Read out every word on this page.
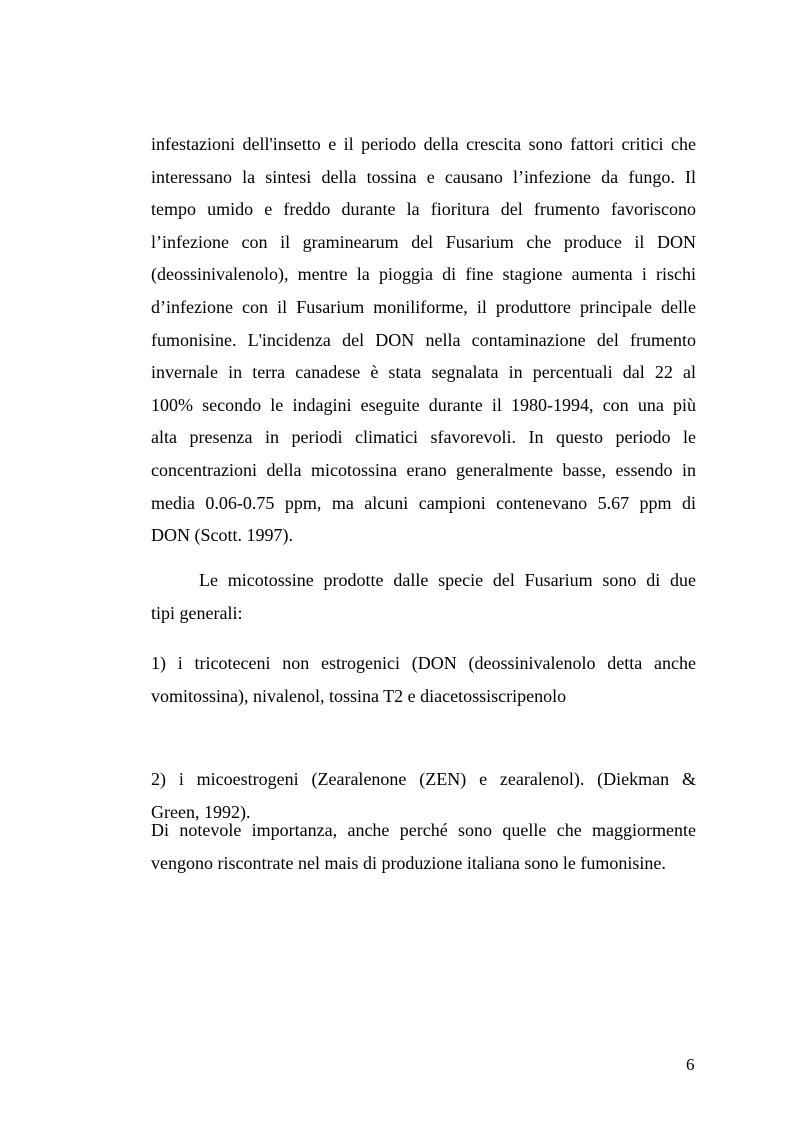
infestazioni dell'insetto e il periodo della crescita sono fattori critici che
interessano la sintesi della tossina e causano l’infezione da fungo. Il
tempo umido e freddo durante la fioritura del frumento favoriscono
l’infezione con il graminearum del Fusarium che produce il DON
(deossinivalenolo), mentre la pioggia di fine stagione aumenta i rischi
d’infezione con il Fusarium moniliforme, il produttore principale delle
fumonisine. L'incidenza del DON nella contaminazione del frumento
invernale in terra canadese è stata segnalata in percentuali dal 22 al
100% secondo le indagini eseguite durante il 1980-1994, con una più
alta presenza in periodi climatici sfavorevoli. In questo periodo le
concentrazioni della micotossina erano generalmente basse, essendo in
media 0.06-0.75 ppm, ma alcuni campioni contenevano 5.67 ppm di
DON (Scott. 1997).
Le micotossine prodotte dalle specie del Fusarium sono di due
tipi generali:
1) i tricoteceni non estrogenici (DON (deossinivalenolo detta anche
vomitossina), nivalenol, tossina T2 e diacetossiscripenolo
2) i micoestrogeni (Zearalenone (ZEN) e zearalenol). (Diekman &
Green, 1992).
Di notevole importanza, anche perché sono quelle che maggiormente
vengono riscontrate nel mais di produzione italiana sono le fumonisine.
6
